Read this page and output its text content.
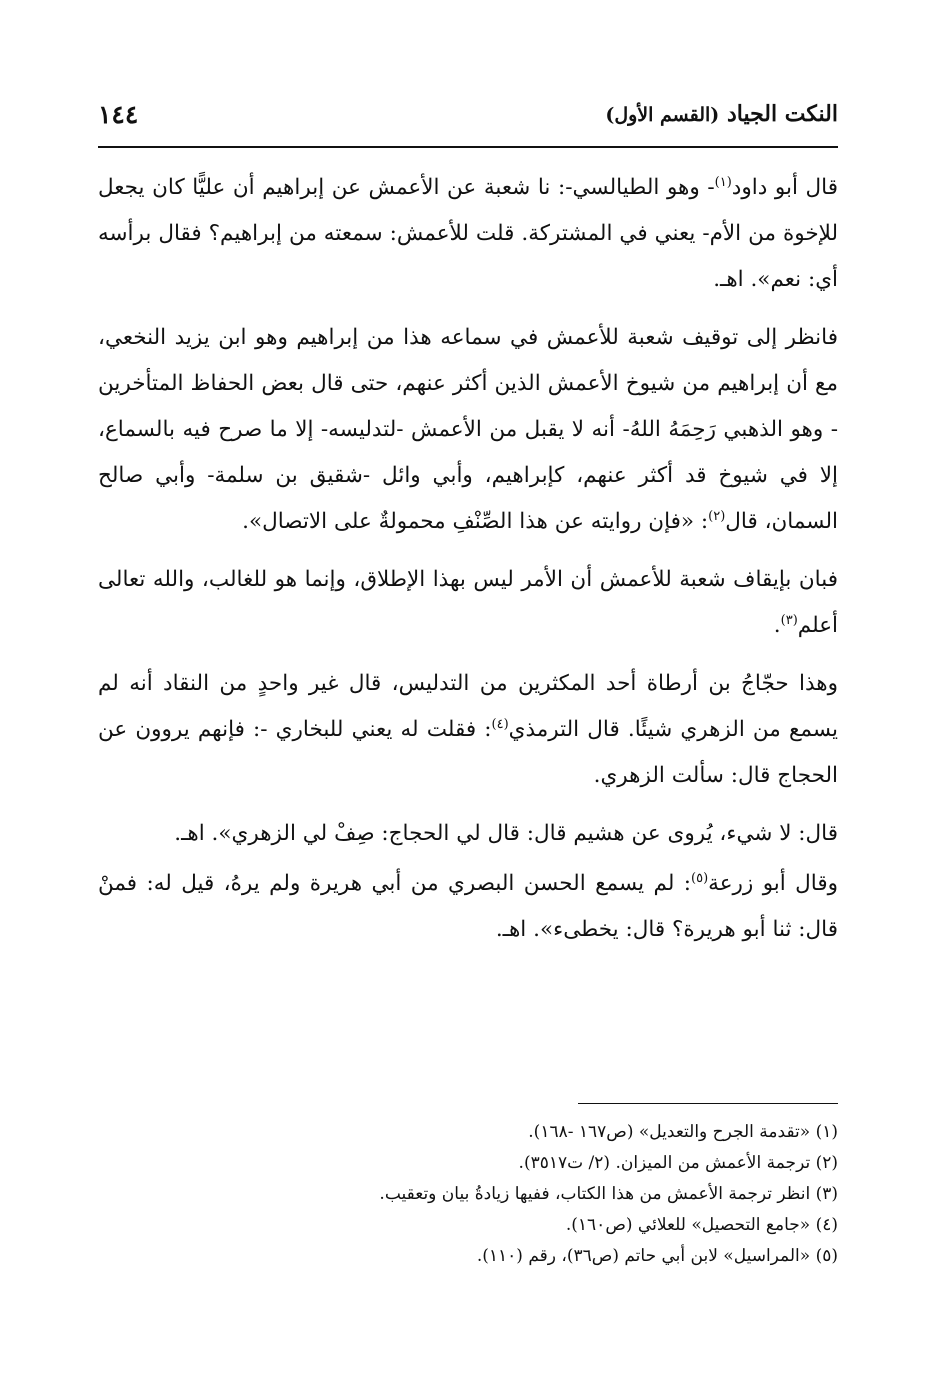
النكت الجياد (القسم الأول)
١٤٤

قال أبو داود$^{(١)}$- وهو الطيالسي-: نا شعبة عن الأعمش عن إبراهيم أن عليًّا كان يجعل للإخوة من الأم- يعني في المشتركة. قلت للأعمش: سمعته من إبراهيم؟ فقال برأسه أي: نعم». اهـ.

فانظر إلى توقيف شعبة للأعمش في سماعه هذا من إبراهيم وهو ابن يزيد النخعي، مع أن إبراهيم من شيوخ الأعمش الذين أكثر عنهم، حتى قال بعض الحفاظ المتأخرين - وهو الذهبي رَحِمَهُ اللهُ- أنه لا يقبل من الأعمش -لتدليسه- إلا ما صرح فيه بالسماع، إلا في شيوخ قد أكثر عنهم، كإبراهيم، وأبي وائل -شقيق بن سلمة- وأبي صالح السمان، قال$^{(٢)}$: «فإن روايته عن هذا الصِّنْفِ محمولةٌ على الاتصال».

فبان بإيقاف شعبة للأعمش أن الأمر ليس بهذا الإطلاق، وإنما هو للغالب، والله تعالى أعلم$^{(٣)}$.

وهذا حجّاجُ بن أرطاة أحد المكثرين من التدليس، قال غير واحدٍ من النقاد أنه لم يسمع من الزهري شيئًا. قال الترمذي$^{(٤)}$: فقلت له يعني للبخاري -: فإنهم يروون عن الحجاج قال: سألت الزهري.

قال: لا شيء، يُروى عن هشيم قال: قال لي الحجاج: صِفْ لي الزهري». اهـ.

وقال أبو زرعة$^{(٥)}$: لم يسمع الحسن البصري من أبي هريرة ولم يرهُ، قيل له: فمنْ قال: ثنا أبو هريرة؟ قال: يخطىء». اهـ.

(١) «تقدمة الجرح والتعديل» (ص١٦٧ -١٦٨).

(٢) ترجمة الأعمش من الميزان. (٢/ ت٣٥١٧).

(٣) انظر ترجمة الأعمش من هذا الكتاب، ففيها زيادةُ بيان وتعقيب.

(٤) «جامع التحصيل» للعلائي (ص١٦٠).

(٥) «المراسيل» لابن أبي حاتم (ص٣٦)، رقم (١١٠).
